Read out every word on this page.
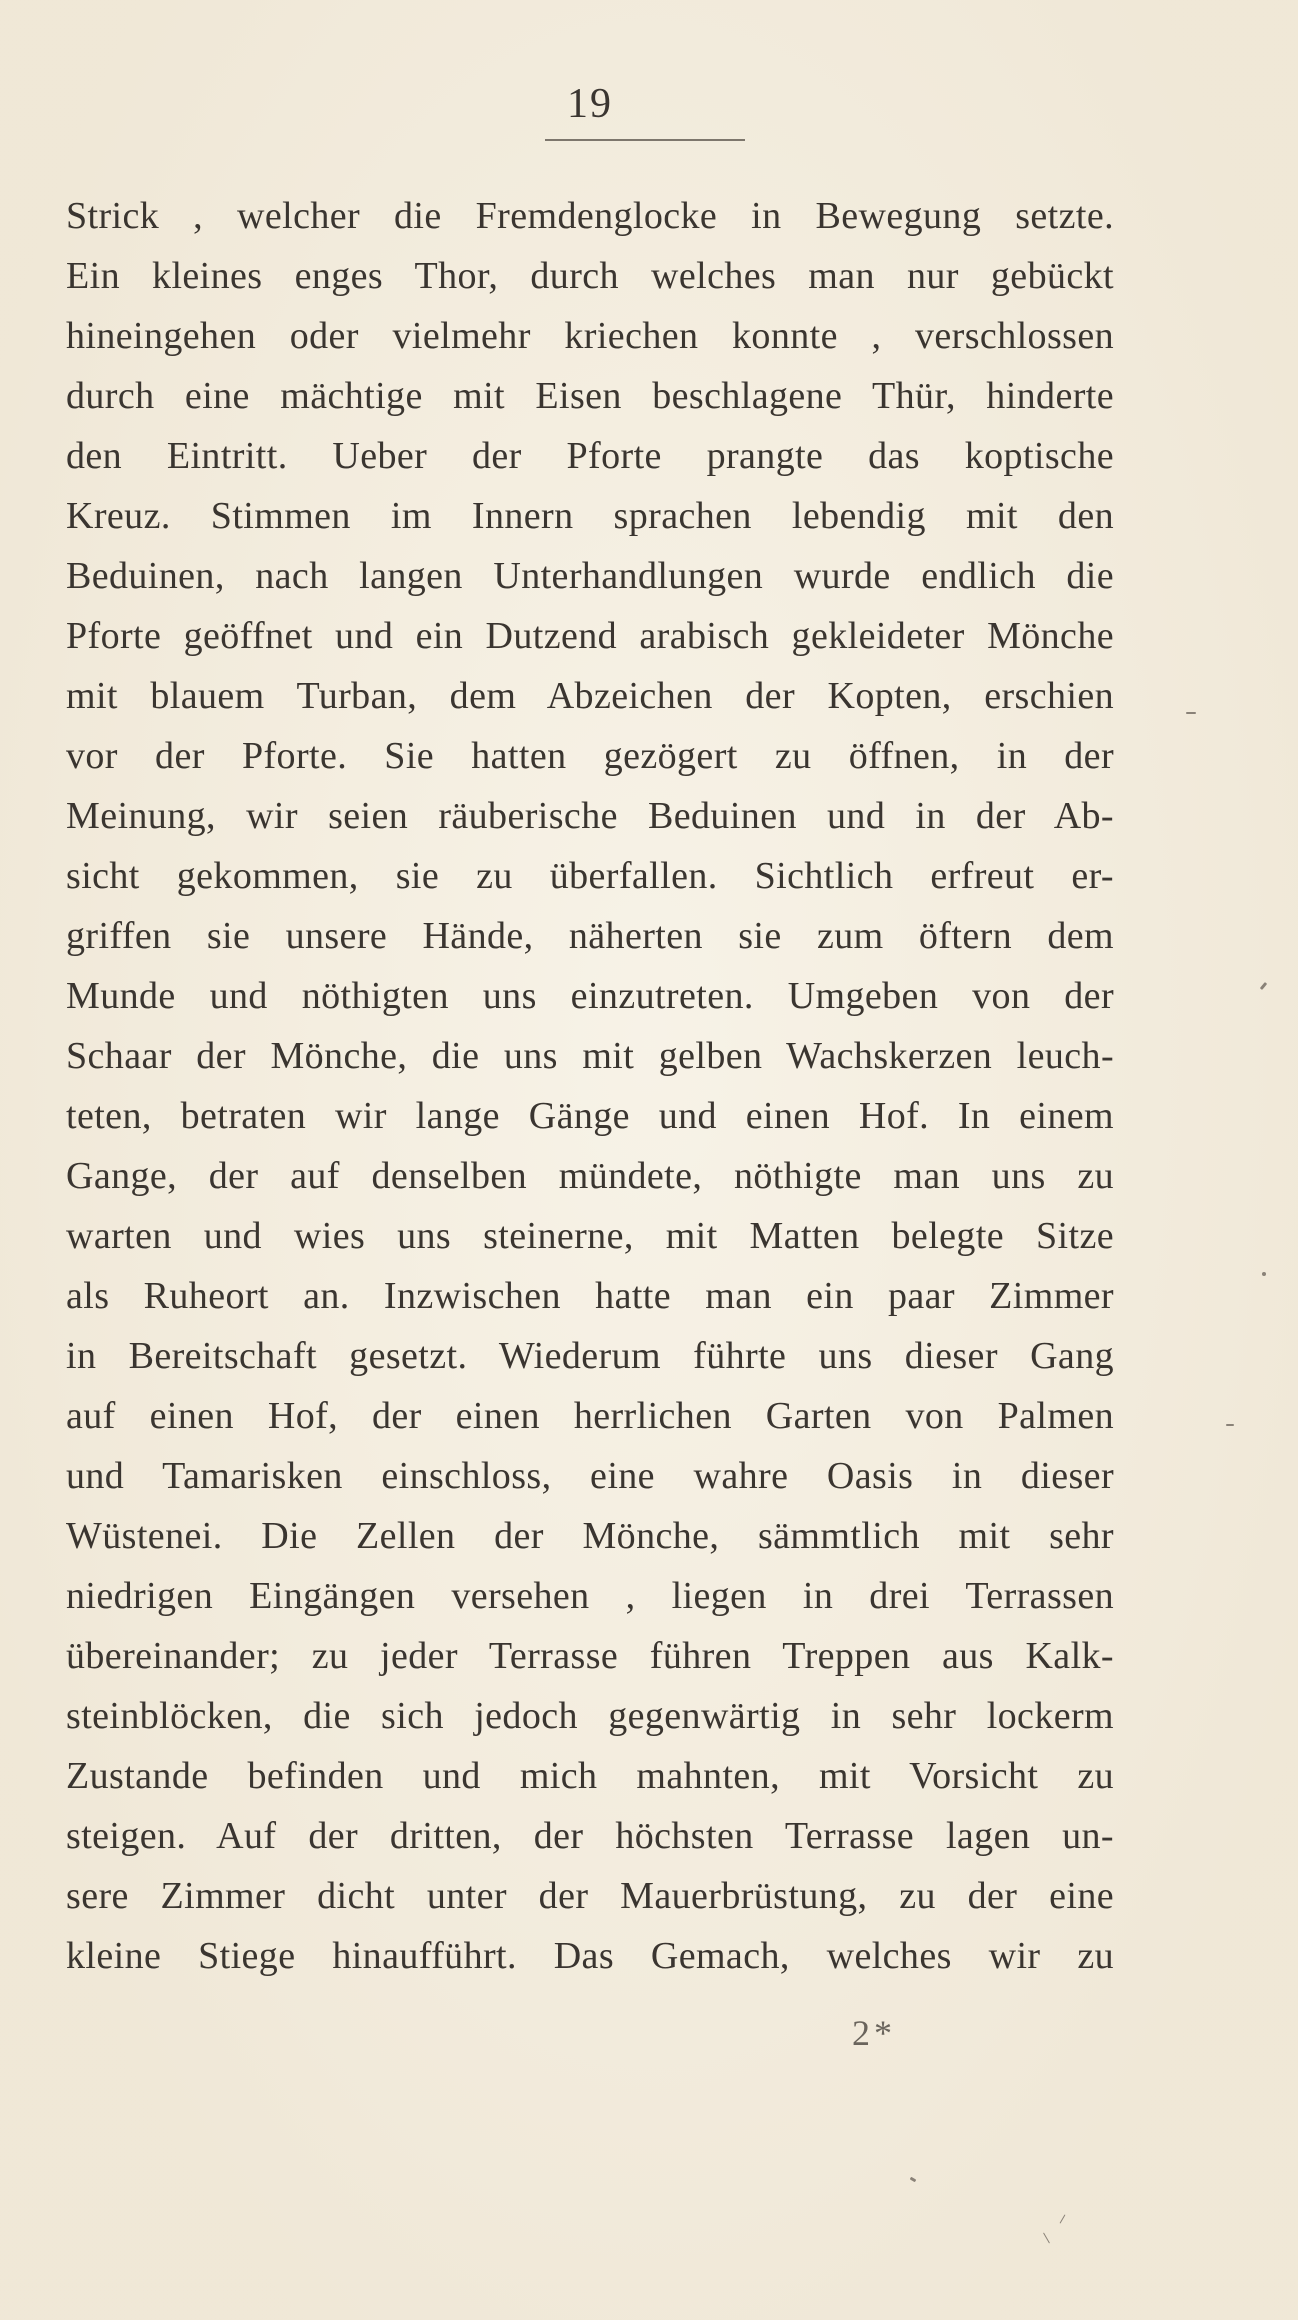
19
Strick , welcher die Fremdenglocke in Bewegung setzte.
Ein kleines enges Thor, durch welches man nur gebückt
hineingehen oder vielmehr kriechen konnte , verschlossen
durch eine mächtige mit Eisen beschlagene Thür, hinderte
den Eintritt. Ueber der Pforte prangte das koptische
Kreuz. Stimmen im Innern sprachen lebendig mit den
Beduinen, nach langen Unterhandlungen wurde endlich die
Pforte geöffnet und ein Dutzend arabisch gekleideter Mönche
mit blauem Turban, dem Abzeichen der Kopten, erschien
vor der Pforte. Sie hatten gezögert zu öffnen, in der
Meinung, wir seien räuberische Beduinen und in der Ab-
sicht gekommen, sie zu überfallen. Sichtlich erfreut er-
griffen sie unsere Hände, näherten sie zum öftern dem
Munde und nöthigten uns einzutreten. Umgeben von der
Schaar der Mönche, die uns mit gelben Wachskerzen leuch-
teten, betraten wir lange Gänge und einen Hof. In einem
Gange, der auf denselben mündete, nöthigte man uns zu
warten und wies uns steinerne, mit Matten belegte Sitze
als Ruheort an. Inzwischen hatte man ein paar Zimmer
in Bereitschaft gesetzt. Wiederum führte uns dieser Gang
auf einen Hof, der einen herrlichen Garten von Palmen
und Tamarisken einschloss, eine wahre Oasis in dieser
Wüstenei. Die Zellen der Mönche, sämmtlich mit sehr
niedrigen Eingängen versehen , liegen in drei Terrassen
übereinander; zu jeder Terrasse führen Treppen aus Kalk-
steinblöcken, die sich jedoch gegenwärtig in sehr lockerm
Zustande befinden und mich mahnten, mit Vorsicht zu
steigen. Auf der dritten, der höchsten Terrasse lagen un-
sere Zimmer dicht unter der Mauerbrüstung, zu der eine
kleine Stiege hinaufführt. Das Gemach, welches wir zu
2*
